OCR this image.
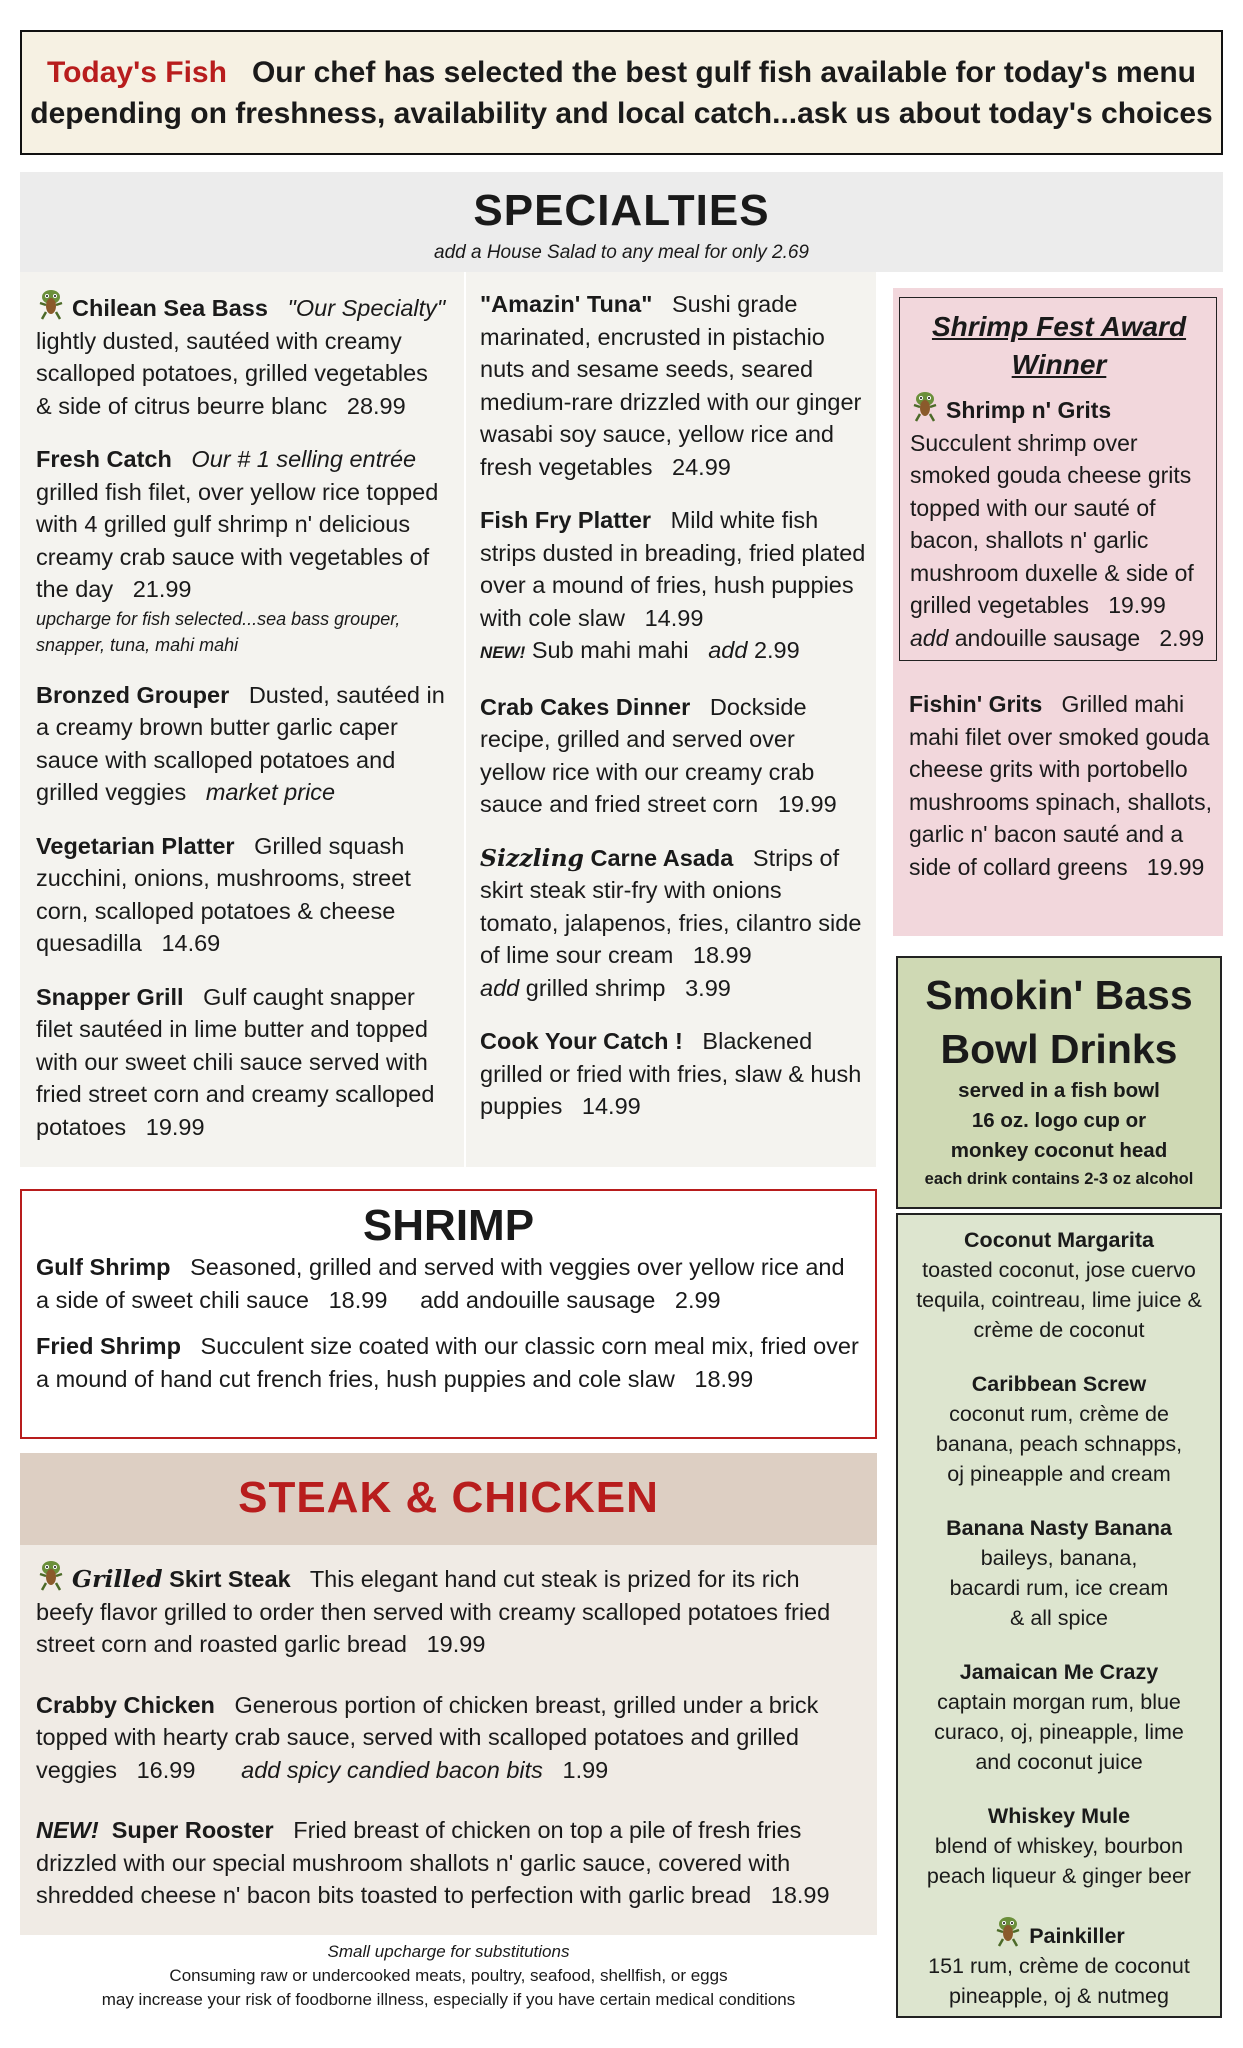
Today's Fish Our chef has selected the best gulf fish available for today's menu
depending on freshness, availability and local catch...ask us about today's choices
SPECIALTIES
add a House Salad to any meal for only 2.69
Chilean Sea Bass "Our Specialty" lightly dusted, sautéed with creamy scalloped potatoes, grilled vegetables & side of citrus beurre blanc 28.99
Fresh Catch Our # 1 selling entrée grilled fish filet, over yellow rice topped with 4 grilled gulf shrimp n' delicious creamy crab sauce with vegetables of the day 21.99
upcharge for fish selected...sea bass grouper, snapper, tuna, mahi mahi
Bronzed Grouper Dusted, sautéed in a creamy brown butter garlic caper sauce with scalloped potatoes and grilled veggies market price
Vegetarian Platter Grilled squash zucchini, onions, mushrooms, street corn, scalloped potatoes & cheese quesadilla 14.69
Snapper Grill Gulf caught snapper filet sautéed in lime butter and topped with our sweet chili sauce served with fried street corn and creamy scalloped potatoes 19.99
"Amazin' Tuna" Sushi grade marinated, encrusted in pistachio nuts and sesame seeds, seared medium-rare drizzled with our ginger wasabi soy sauce, yellow rice and fresh vegetables 24.99
Fish Fry Platter Mild white fish strips dusted in breading, fried plated over a mound of fries, hush puppies with cole slaw 14.99
NEW! Sub mahi mahi add 2.99
Crab Cakes Dinner Dockside recipe, grilled and served over yellow rice with our creamy crab sauce and fried street corn 19.99
Sizzling Carne Asada Strips of skirt steak stir-fry with onions tomato, jalapenos, fries, cilantro side of lime sour cream 18.99
add grilled shrimp 3.99
Cook Your Catch ! Blackened grilled or fried with fries, slaw & hush puppies 14.99
Shrimp Fest Award Winner
Shrimp n' Grits
Succulent shrimp over smoked gouda cheese grits topped with our sauté of bacon, shallots n' garlic mushroom duxelle & side of grilled vegetables 19.99
add andouille sausage 2.99
Fishin' Grits Grilled mahi mahi filet over smoked gouda cheese grits with portobello mushrooms spinach, shallots, garlic n' bacon sauté and a side of collard greens 19.99
Smokin' Bass
Bowl Drinks
served in a fish bowl
16 oz. logo cup or
monkey coconut head
each drink contains 2-3 oz alcohol
Coconut Margarita
toasted coconut, jose cuervo tequila, cointreau, lime juice & crème de coconut
Caribbean Screw
coconut rum, crème de banana, peach schnapps, oj pineapple and cream
Banana Nasty Banana
baileys, banana, bacardi rum, ice cream & all spice
Jamaican Me Crazy
captain morgan rum, blue curaco, oj, pineapple, lime and coconut juice
Whiskey Mule
blend of whiskey, bourbon peach liqueur & ginger beer
Painkiller
151 rum, crème de coconut pineapple, oj & nutmeg
SHRIMP
Gulf Shrimp Seasoned, grilled and served with veggies over yellow rice and a side of sweet chili sauce 18.99 add andouille sausage 2.99
Fried Shrimp Succulent size coated with our classic corn meal mix, fried over a mound of hand cut french fries, hush puppies and cole slaw 18.99
STEAK & CHICKEN
Grilled Skirt Steak This elegant hand cut steak is prized for its rich beefy flavor grilled to order then served with creamy scalloped potatoes fried street corn and roasted garlic bread 19.99
Crabby Chicken Generous portion of chicken breast, grilled under a brick topped with hearty crab sauce, served with scalloped potatoes and grilled veggies 16.99 add spicy candied bacon bits 1.99
NEW! Super Rooster Fried breast of chicken on top a pile of fresh fries drizzled with our special mushroom shallots n' garlic sauce, covered with shredded cheese n' bacon bits toasted to perfection with garlic bread 18.99
Small upcharge for substitutions
Consuming raw or undercooked meats, poultry, seafood, shellfish, or eggs
may increase your risk of foodborne illness, especially if you have certain medical conditions
